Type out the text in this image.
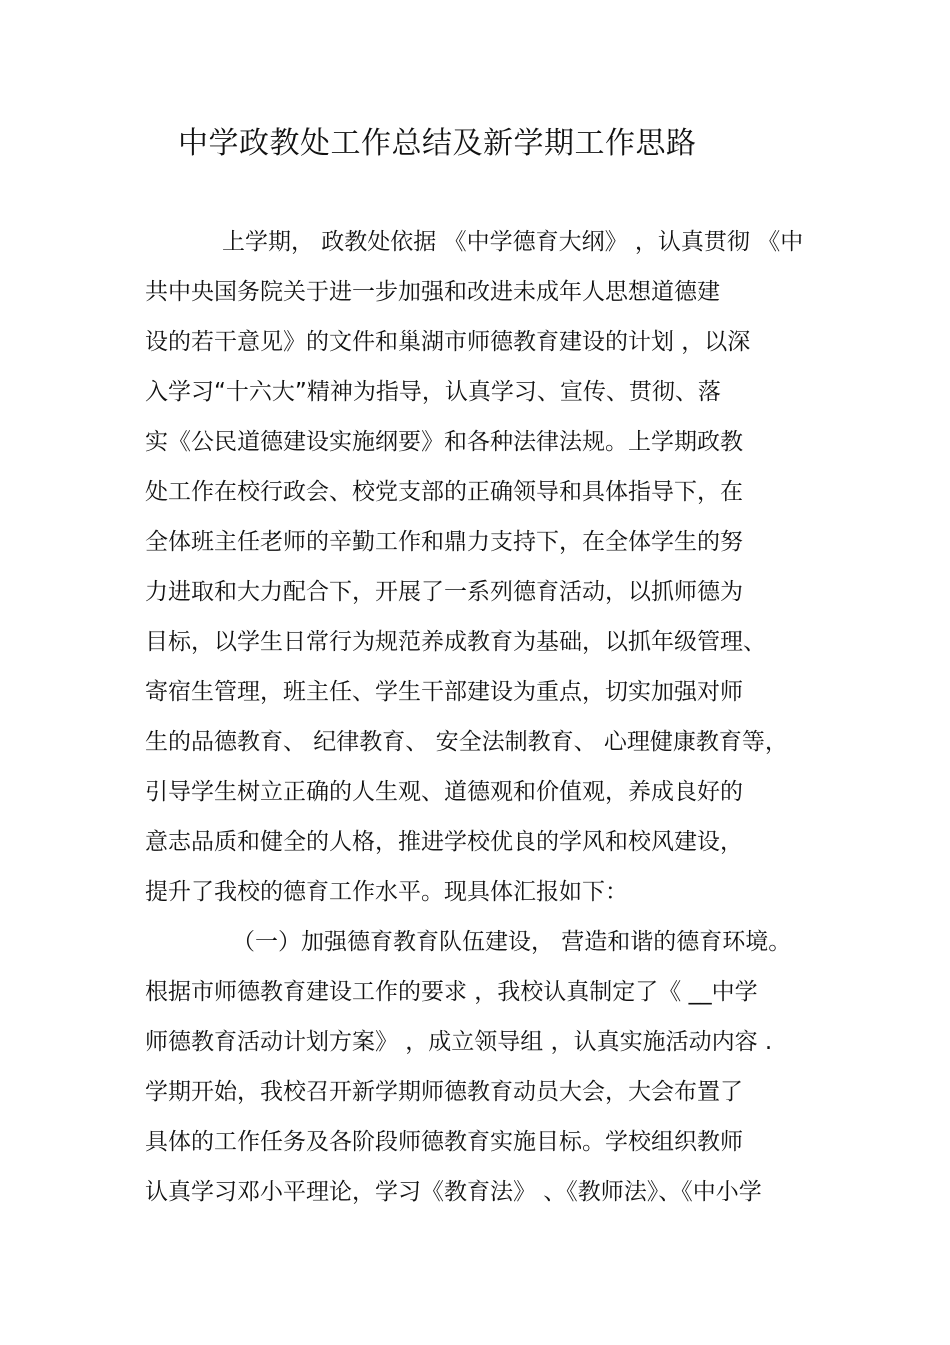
中学政教处工作总结及新学期工作思路
上学期， 政教处依据 《中学德育大纲》 ，认真贯彻 《中
共中央国务院关于进一步加强和改进未成年人思想道德建
设的若干意见》的文件和巢湖市师德教育建设的计划 ，以深
入学习“十六大”精神为指导，认真学习、宣传、贯彻、落
实《公民道德建设实施纲要》和各种法律法规。上学期政教
处工作在校行政会、校党支部的正确领导和具体指导下，在
全体班主任老师的辛勤工作和鼎力支持下，在全体学生的努
力进取和大力配合下，开展了一系列德育活动，以抓师德为
目标，以学生日常行为规范养成教育为基础，以抓年级管理、
寄宿生管理，班主任、学生干部建设为重点，切实加强对师
生的品德教育、 纪律教育、 安全法制教育、 心理健康教育等，
引导学生树立正确的人生观、道德观和价值观，养成良好的
意志品质和健全的人格，推进学校优良的学风和校风建设，
提升了我校的德育工作水平。现具体汇报如下：
（一）加强德育教育队伍建设， 营造和谐的德育环境。
根据市师德教育建设工作的要求 ，我校认真制定了《 __中学
师德教育活动计划方案》 ，成立领导组 ，认真实施活动内容 .
学期开始，我校召开新学期师德教育动员大会，大会布置了
具体的工作任务及各阶段师德教育实施目标。学校组织教师
认真学习邓小平理论，学习《教育法》 、《教师法》、《中小学
